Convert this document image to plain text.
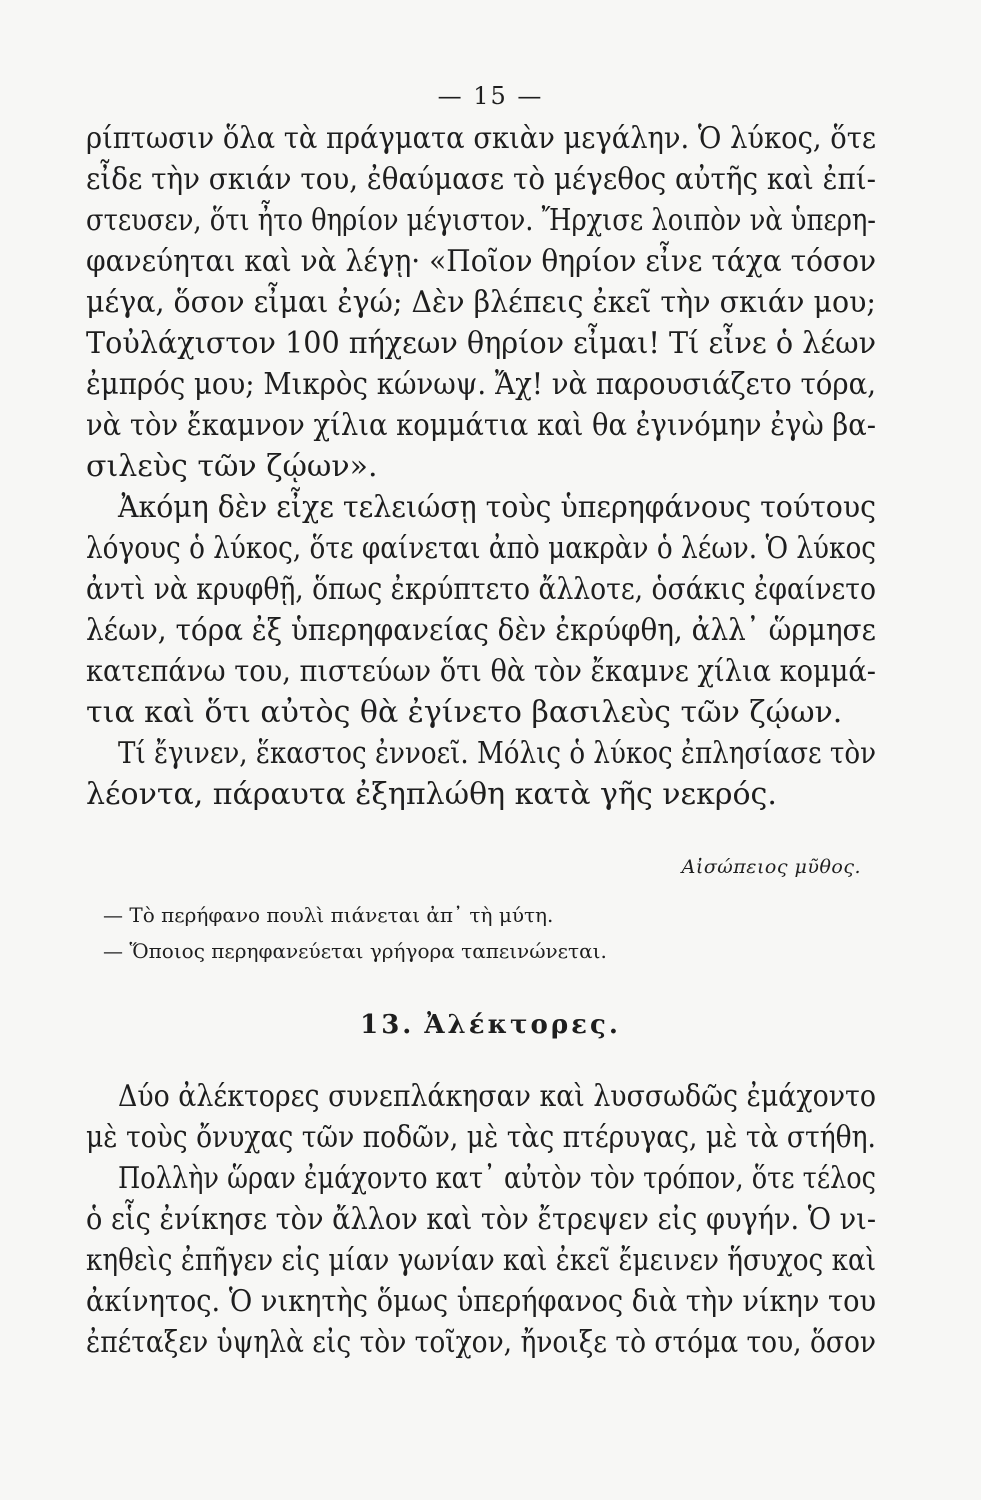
— 15 —
ρίπτωσιν ὅλα τὰ πράγματα σκιὰν μεγάλην. Ὁ λύκος, ὅτε
εἶδε τὴν σκιάν του, ἐθαύμασε τὸ μέγεθος αὐτῆς καὶ ἐπί-
στευσεν, ὅτι ἦτο θηρίον μέγιστον. Ἤρχισε λοιπὸν νὰ ὑπερη-
φανεύηται καὶ νὰ λέγῃ· «Ποῖον θηρίον εἶνε τάχα τόσον
μέγα, ὅσον εἶμαι ἐγώ; Δὲν βλέπεις ἐκεῖ τὴν σκιάν μου;
Τοὐλάχιστον 100 πήχεων θηρίον εἶμαι! Τί εἶνε ὁ λέων
ἐμπρός μου; Μικρὸς κώνωψ. Ἄχ! νὰ παρουσιάζετο τόρα,
νὰ τὸν ἔκαμνον χίλια κομμάτια καὶ θα ἐγινόμην ἐγὼ βα-
σιλεὺς τῶν ζῴων».
Ἀκόμη δὲν εἶχε τελειώσῃ τοὺς ὑπερηφάνους τούτους
λόγους ὁ λύκος, ὅτε φαίνεται ἀπὸ μακρὰν ὁ λέων. Ὁ λύκος
ἀντὶ νὰ κρυφθῇ, ὅπως ἐκρύπτετο ἄλλοτε, ὁσάκις ἐφαίνετο
λέων, τόρα ἐξ ὑπερηφανείας δὲν ἐκρύφθη, ἀλλ᾽ ὥρμησε
κατεπάνω του, πιστεύων ὅτι θὰ τὸν ἔκαμνε χίλια κομμά-
τια καὶ ὅτι αὐτὸς θὰ ἐγίνετο βασιλεὺς τῶν ζῴων.
Τί ἔγινεν, ἕκαστος ἐννοεῖ. Μόλις ὁ λύκος ἐπλησίασε τὸν
λέοντα, πάραυτα ἐξηπλώθη κατὰ γῆς νεκρός.
Αἰσώπειος μῦθος.
— Τὸ περήφανο πουλὶ πιάνεται ἀπ᾽ τὴ μύτη.
— Ὅποιος περηφανεύεται γρήγορα ταπεινώνεται.
13. Ἀλέκτορες.
Δύο ἀλέκτορες συνεπλάκησαν καὶ λυσσωδῶς ἐμάχοντο
μὲ τοὺς ὄνυχας τῶν ποδῶν, μὲ τὰς πτέρυγας, μὲ τὰ στήθη.
Πολλὴν ὥραν ἐμάχοντο κατ᾽ αὐτὸν τὸν τρόπον, ὅτε τέλος
ὁ εἷς ἐνίκησε τὸν ἄλλον καὶ τὸν ἔτρεψεν εἰς φυγήν. Ὁ νι-
κηθεὶς ἐπῆγεν εἰς μίαν γωνίαν καὶ ἐκεῖ ἔμεινεν ἥσυχος καὶ
ἀκίνητος. Ὁ νικητὴς ὅμως ὑπερήφανος διὰ τὴν νίκην του
ἐπέταξεν ὑψηλὰ εἰς τὸν τοῖχον, ἤνοιξε τὸ στόμα του, ὅσον
